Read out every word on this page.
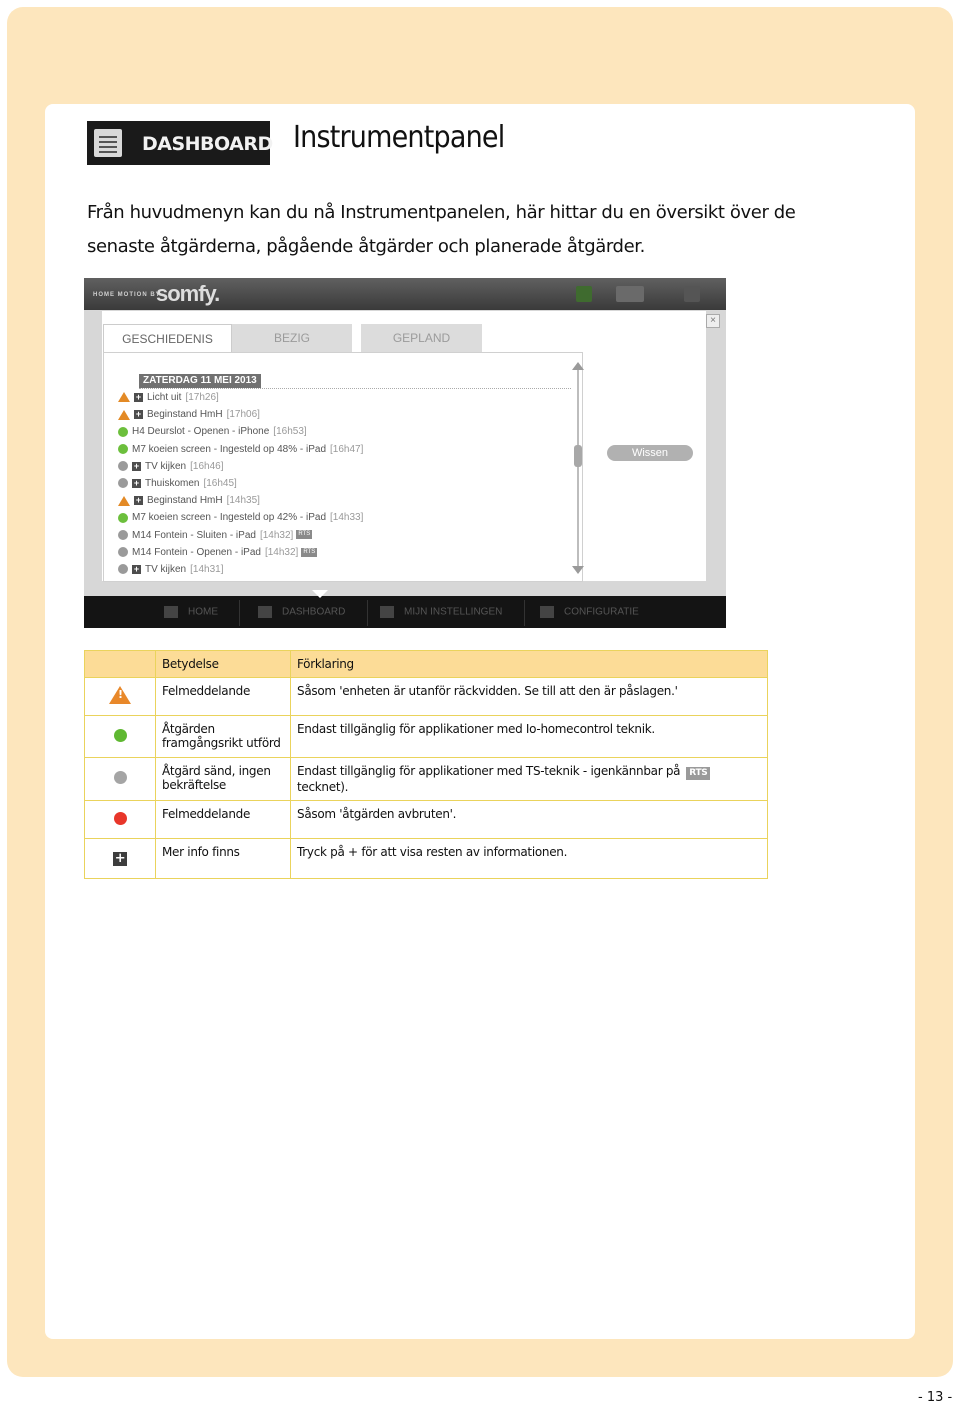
DASHBOARD Instrumentpanel
Från huvudmenyn kan du nå Instrumentpanelen, här hittar du en översikt över de senaste åtgärderna, pågående åtgärder och planerade åtgärder.
HOME MOTION BY
somfy.
×
GESCHIEDENIS	BEZIG	GEPLAND
ZATERDAG 11 MEI 2013
+ Licht uit [17h26]
+ Beginstand HmH [17h06]
H4 Deurslot - Openen - iPhone [16h53]
M7 koeien screen - Ingesteld op 48% - iPad [16h47]
+ TV kijken [16h46]
+ Thuiskomen [16h45]
+ Beginstand HmH [14h35]
M7 koeien screen - Ingesteld op 42% - iPad [14h33]
M14 Fontein - Sluiten - iPad [14h32] RTS
M14 Fontein - Openen - iPad [14h32] RTS
+ TV kijken [14h31]
Wissen
HOME	DASHBOARD	MIJN INSTELLINGEN	CONFIGURATIE
	Betydelse	Förklaring

!	Felmeddelande	Såsom 'enheten är utanför räckvidden. Se till att den är påslagen.'
	Åtgärden framgångsrikt utförd	Endast tillgänglig för applikationer med Io-homecontrol teknik.
	Åtgärd sänd, ingen bekräftelse	Endast tillgänglig för applikationer med TS-teknik - igenkännbar på RTStecknet).
	Felmeddelande	Såsom 'åtgärden avbruten'.
+	Mer info finns	Tryck på + för att visa resten av informationen.
- 13 -
